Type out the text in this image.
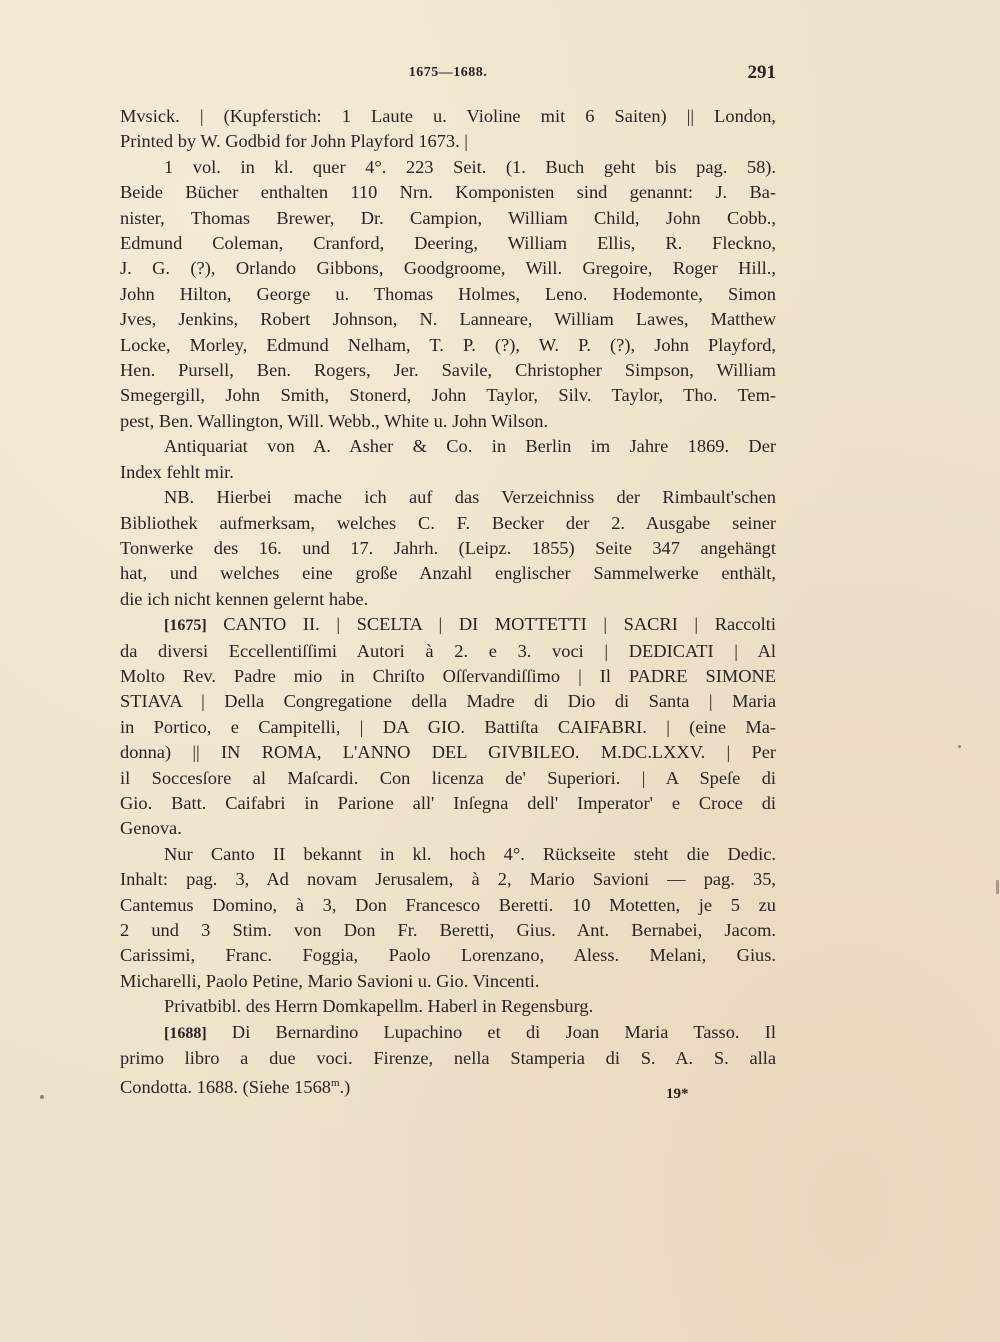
1675—1688.	291

Mvsick. | (Kupferstich: 1 Laute u. Violine mit 6 Saiten) || London,
Printed by W. Godbid for John Playford 1673. |
1 vol. in kl. quer 4°. 223 Seit. (1. Buch geht bis pag. 58).
Beide Bücher enthalten 110 Nrn. Komponisten sind genannt: J. Ba-
nister, Thomas Brewer, Dr. Campion, William Child, John Cobb.,
Edmund Coleman, Cranford, Deering, William Ellis, R. Fleckno,
J. G. (?), Orlando Gibbons, Goodgroome, Will. Gregoire, Roger Hill.,
John Hilton, George u. Thomas Holmes, Leno. Hodemonte, Simon
Jves, Jenkins, Robert Johnson, N. Lanneare, William Lawes, Matthew
Locke, Morley, Edmund Nelham, T. P. (?), W. P. (?), John Playford,
Hen. Pursell, Ben. Rogers, Jer. Savile, Christopher Simpson, William
Smegergill, John Smith, Stonerd, John Taylor, Silv. Taylor, Tho. Tem-
pest, Ben. Wallington, Will. Webb., White u. John Wilson.

Antiquariat von A. Asher & Co. in Berlin im Jahre 1869. Der
Index fehlt mir.

NB. Hierbei mache ich auf das Verzeichniss der Rimbault'schen
Bibliothek aufmerksam, welches C. F. Becker der 2. Ausgabe seiner
Tonwerke des 16. und 17. Jahrh. (Leipz. 1855) Seite 347 angehängt
hat, und welches eine große Anzahl englischer Sammelwerke enthält,
die ich nicht kennen gelernt habe.

[1675] CANTO II. | SCELTA | DI MOTTETTI | SACRI | Raccolti
da diversi Eccellentiſſimi Autori à 2. e 3. voci | DEDICATI | Al
Molto Rev. Padre mio in Chriſto Oſſervandiſſimo | Il PADRE SIMONE
STIAVA | Della Congregatione della Madre di Dio di Santa | Maria
in Portico, e Campitelli, | DA GIO. Battiſta CAIFABRI. | (eine Ma-
donna) || IN ROMA, L'ANNO DEL GIVBILEO. M.DC.LXXV. | Per
il Soccesſore al Maſcardi. Con licenza de' Superiori. | A Speſe di
Gio. Batt. Caifabri in Parione all' Inſegna dell' Imperator' e Croce di
Genova.

Nur Canto II bekannt in kl. hoch 4°. Rückseite steht die Dedic.
Inhalt: pag. 3, Ad novam Jerusalem, à 2, Mario Savioni — pag. 35,
Cantemus Domino, à 3, Don Francesco Beretti. 10 Motetten, je 5 zu
2 und 3 Stim. von Don Fr. Beretti, Gius. Ant. Bernabei, Jacom.
Carissimi, Franc. Foggia, Paolo Lorenzano, Aless. Melani, Gius.
Micharelli, Paolo Petine, Mario Savioni u. Gio. Vincenti.

Privatbibl. des Herrn Domkapellm. Haberl in Regensburg.

[1688] Di Bernardino Lupachino et di Joan Maria Tasso. Il
primo libro a due voci. Firenze, nella Stamperia di S. A. S. alla
Condotta. 1688. (Siehe 1568$^m$.)	19*
